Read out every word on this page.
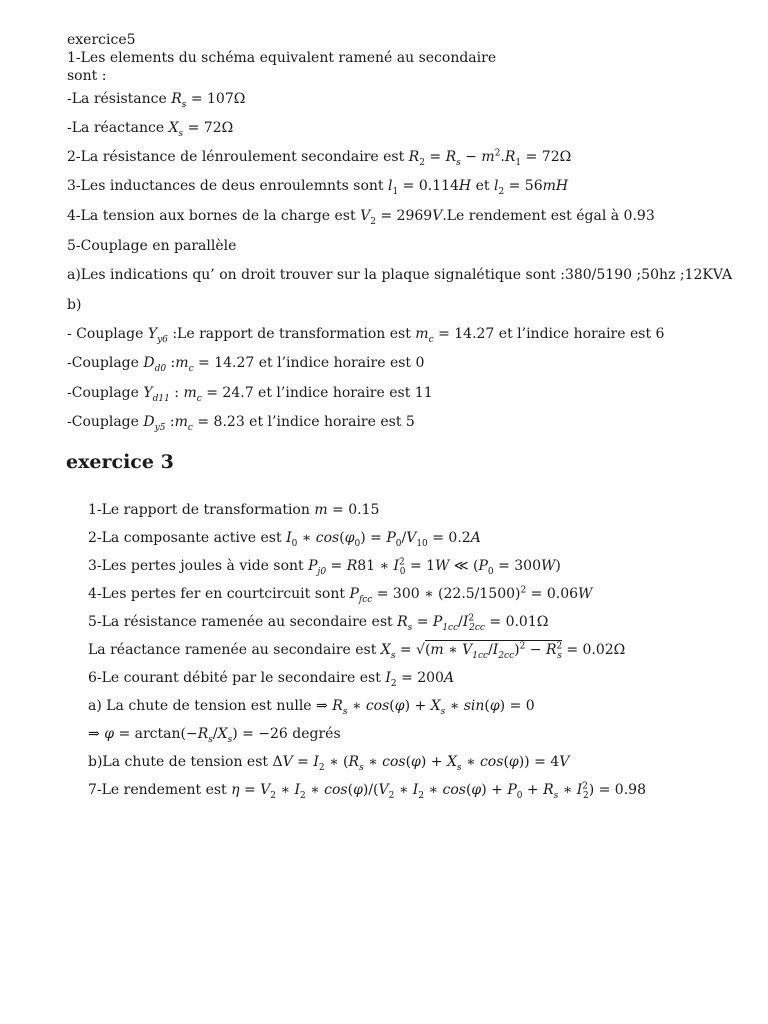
exercice5
1-Les elements du schéma equivalent ramené au secondaire
sont :
-La résistance $R_s = 107\Omega$
-La réactance $X_s = 72\Omega$
2-La résistance de lénroulement secondaire est $R_2 = R_s - m^2.R_1 = 72\Omega$
3-Les inductances de deus enroulemnts sont $l_1 = 0.114H$ et $l_2 = 56mH$
4-La tension aux bornes de la charge est $V_2 = 2969V.Le$ rendement est égal à 0.93
5-Couplage en parallèle
a)Les indications qu’ on droit trouver sur la plaque signalétique sont :380/5190 ;50hz ;12KVA
b)
- Couplage $Y_{y6}$ :Le rapport de transformation est $m_c = 14.27$ et l’indice horaire est 6
-Couplage $D_{d0}$ $:m_c = 14.27$ et l’indice horaire est 0
-Couplage $Y_{d11}$ : $m_c = 24.7$ et l’indice horaire est 11
-Couplage $D_{y5}$ $:m_c = 8.23$ et l’indice horaire est 5
exercice 3
1-Le rapport de transformation m = 0.15
2-La composante active est $I_0$ ∗ $\cos(\varphi_0) = P_0/V_{10} = 0.2A$
3-Les pertes joules à vide sont $P_{j0} = R81$ ∗ $I^2_0 = 1W$ ≪ $(P_0 = 300W)$
4-Les pertes fer en courtcircuit sont $P_{fcc} = 300$ ∗ $(22.5/1500)^2 = 0.06W$
5-La résistance ramenée au secondaire est $R_s = P_{1cc}/I^2_{2cc} = 0.01\Omega$
La réactance ramenée au secondaire est $X_s = √(m$ ∗ $V_{1cc}/I_{2cc})^2 - R^2_s = 0.02\Omega$
6-Le courant débité par le secondaire est $I_2 = 200A$
a) La chute de tension est nulle ⇒ $R_s$ ∗ $\cos(\varphi) + X_s$ ∗ sin(φ) = 0
⇒ $\varphi = \arctan(-R_s/X_s) = -26$ degrés
b)La chute de tension est $\Delta V = I_2$ ∗ ($R_s$ ∗ $\cos(\varphi) + X_s$ ∗ cos(φ)) = 4V
7-Le rendement est $\eta = V_2$ ∗ $I_2$ ∗ $\cos(\varphi)/(V_2$ ∗ $I_2$ ∗ $\cos(\varphi) + P_0 + R_s$ ∗ $I^2_2) = 0.98$
